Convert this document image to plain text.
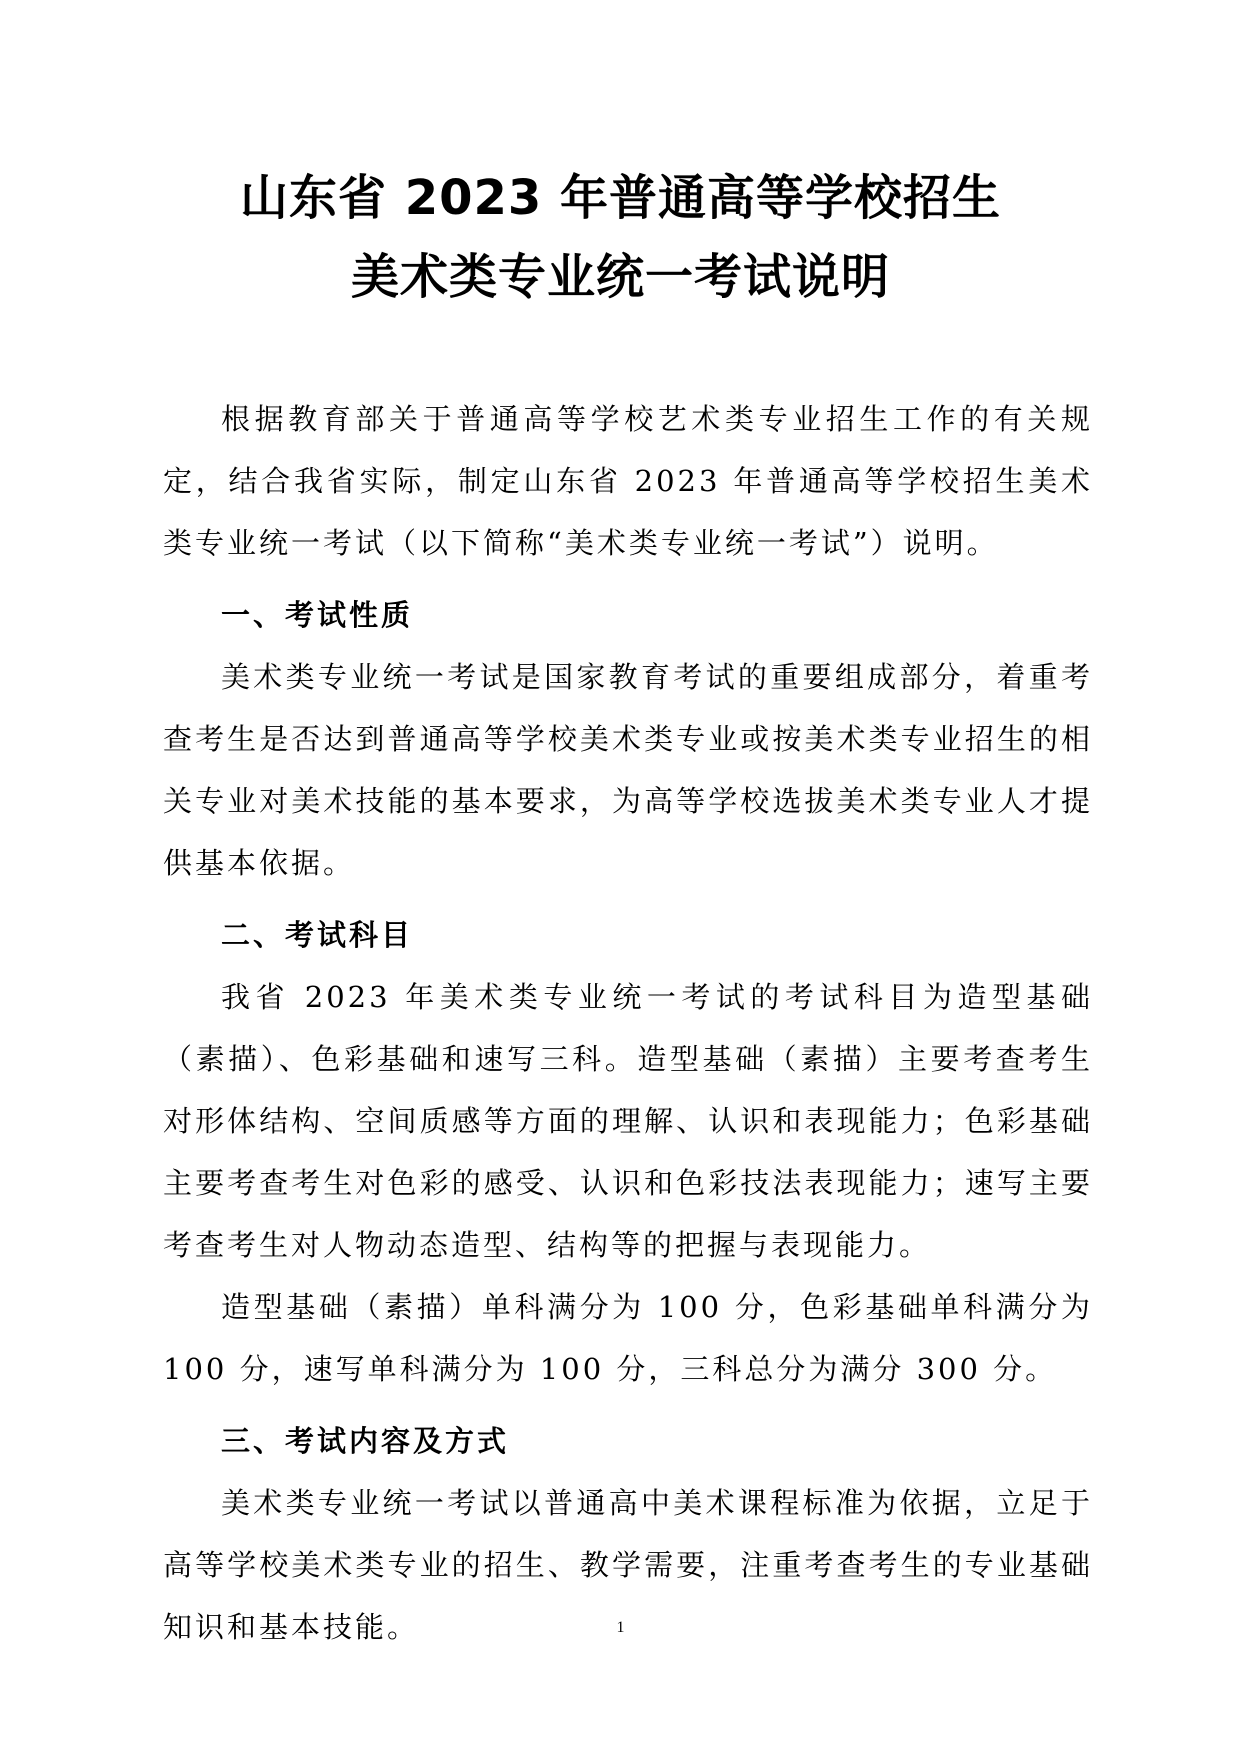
山东省 2023 年普通高等学校招生
美术类专业统一考试说明

根据教育部关于普通高等学校艺术类专业招生工作的有关规定，结合我省实际，制定山东省 2023 年普通高等学校招生美术类专业统一考试（以下简称“美术类专业统一考试”）说明。

一、考试性质

美术类专业统一考试是国家教育考试的重要组成部分，着重考查考生是否达到普通高等学校美术类专业或按美术类专业招生的相关专业对美术技能的基本要求，为高等学校选拔美术类专业人才提供基本依据。

二、考试科目

我省 2023 年美术类专业统一考试的考试科目为造型基础（素描）、色彩基础和速写三科。造型基础（素描）主要考查考生对形体结构、空间质感等方面的理解、认识和表现能力；色彩基础主要考查考生对色彩的感受、认识和色彩技法表现能力；速写主要考查考生对人物动态造型、结构等的把握与表现能力。

造型基础（素描）单科满分为 100 分，色彩基础单科满分为 100 分，速写单科满分为 100 分，三科总分为满分 300 分。

三、考试内容及方式

美术类专业统一考试以普通高中美术课程标准为依据，立足于高等学校美术类专业的招生、教学需要，注重考查考生的专业基础知识和基本技能。	1
